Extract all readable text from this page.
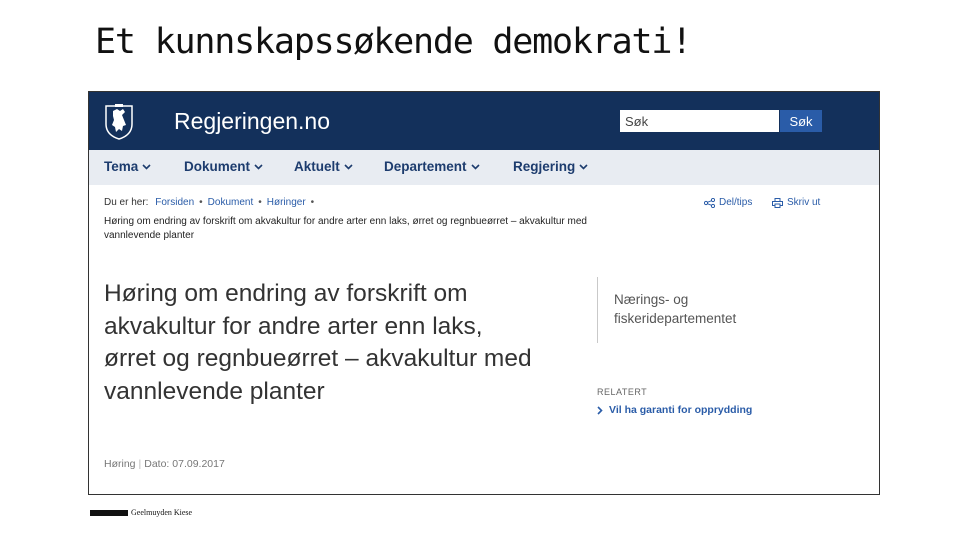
Et kunnskapssøkende demokrati!
Regjeringen.no
Søk	Søk
Tema	Dokument	Aktuelt	Departement	Regjering
Du er her: Forsiden • Dokument • Høringer •
Høring om endring av forskrift om akvakultur for andre arter enn laks, ørret og regnbueørret – akvakultur med vannlevende planter
Del/tips	Skriv ut
Høring om endring av forskrift om akvakultur for andre arter enn laks, ørret og regnbueørret – akvakultur med vannlevende planter
Nærings- og fiskeridepartementet
RELATERT
Vil ha garanti for opprydding
Høring | Dato: 07.09.2017
Geelmuyden Kiese
